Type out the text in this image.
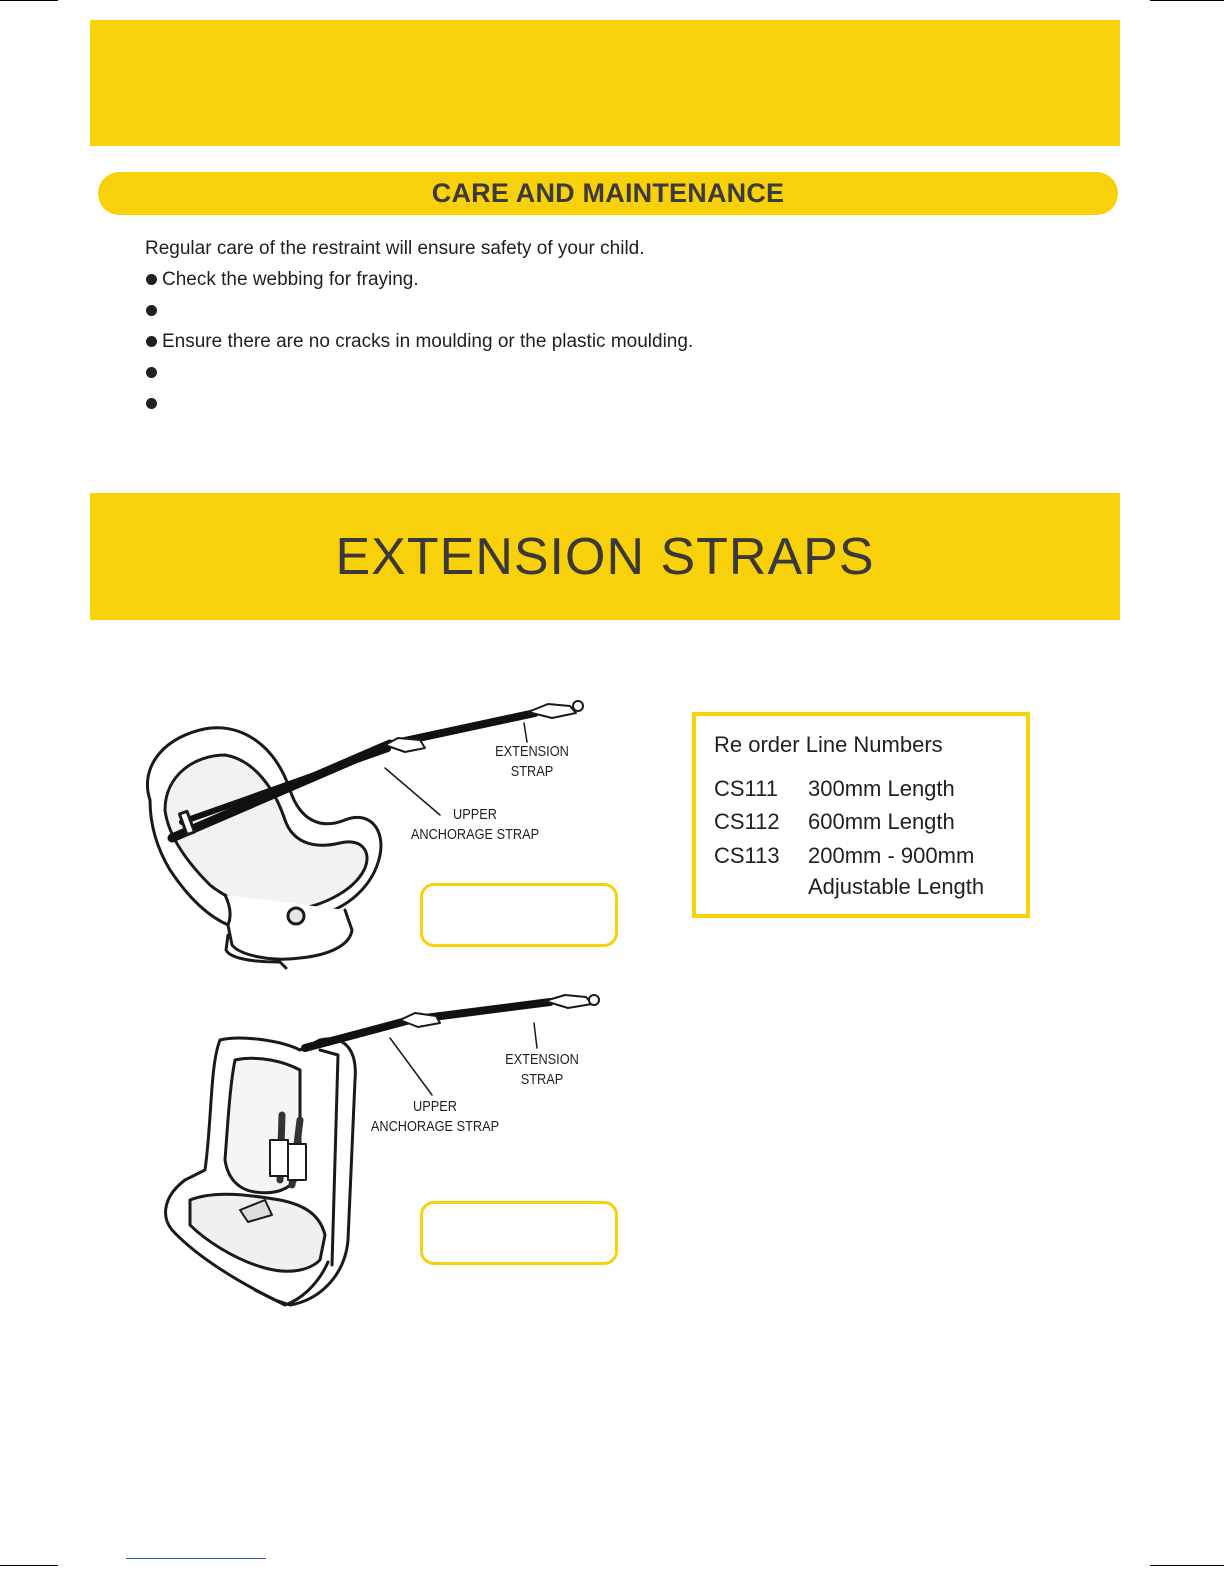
CARE AND MAINTENANCE
Regular care of the restraint will ensure safety of your child.
Check the webbing for fraying.
Ensure there are no cracks in moulding or the plastic moulding.
EXTENSION STRAPS
EXTENSION
STRAP
UPPER
ANCHORAGE STRAP
EXTENSION
STRAP
UPPER
ANCHORAGE STRAP
Re order Line Numbers
CS111 300mm Length
CS112 600mm Length
CS113 200mm - 900mm
Adjustable Length
